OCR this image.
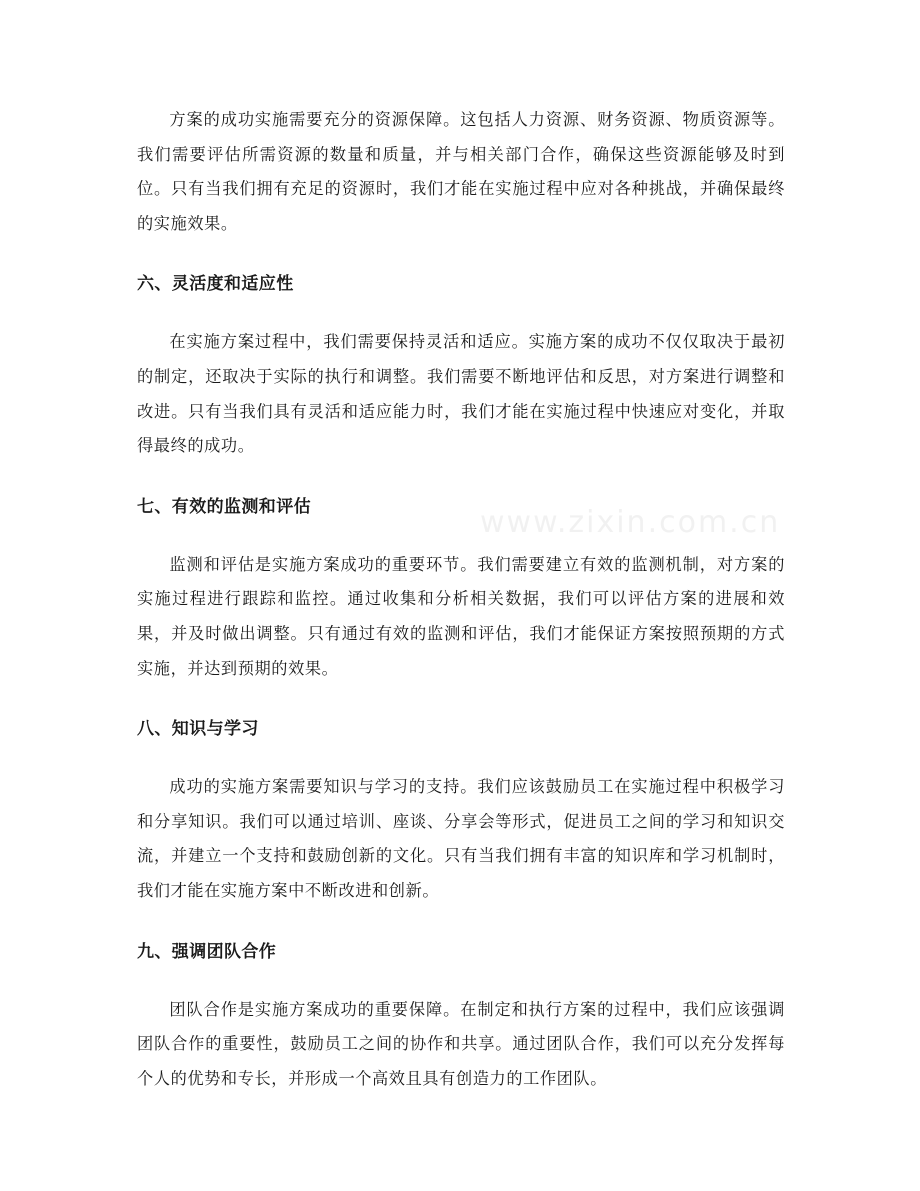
方案的成功实施需要充分的资源保障。这包括人力资源、财务资源、物质资源等。我们需要评估所需资源的数量和质量，并与相关部门合作，确保这些资源能够及时到位。只有当我们拥有充足的资源时，我们才能在实施过程中应对各种挑战，并确保最终的实施效果。

六、灵活度和适应性

在实施方案过程中，我们需要保持灵活和适应。实施方案的成功不仅仅取决于最初的制定，还取决于实际的执行和调整。我们需要不断地评估和反思，对方案进行调整和改进。只有当我们具有灵活和适应能力时，我们才能在实施过程中快速应对变化，并取得最终的成功。

七、有效的监测和评估

监测和评估是实施方案成功的重要环节。我们需要建立有效的监测机制，对方案的实施过程进行跟踪和监控。通过收集和分析相关数据，我们可以评估方案的进展和效果，并及时做出调整。只有通过有效的监测和评估，我们才能保证方案按照预期的方式实施，并达到预期的效果。

八、知识与学习

成功的实施方案需要知识与学习的支持。我们应该鼓励员工在实施过程中积极学习和分享知识。我们可以通过培训、座谈、分享会等形式，促进员工之间的学习和知识交流，并建立一个支持和鼓励创新的文化。只有当我们拥有丰富的知识库和学习机制时，我们才能在实施方案中不断改进和创新。

九、强调团队合作

团队合作是实施方案成功的重要保障。在制定和执行方案的过程中，我们应该强调团队合作的重要性，鼓励员工之间的协作和共享。通过团队合作，我们可以充分发挥每个人的优势和专长，并形成一个高效且具有创造力的工作团队。

www.zixin.com.cn
